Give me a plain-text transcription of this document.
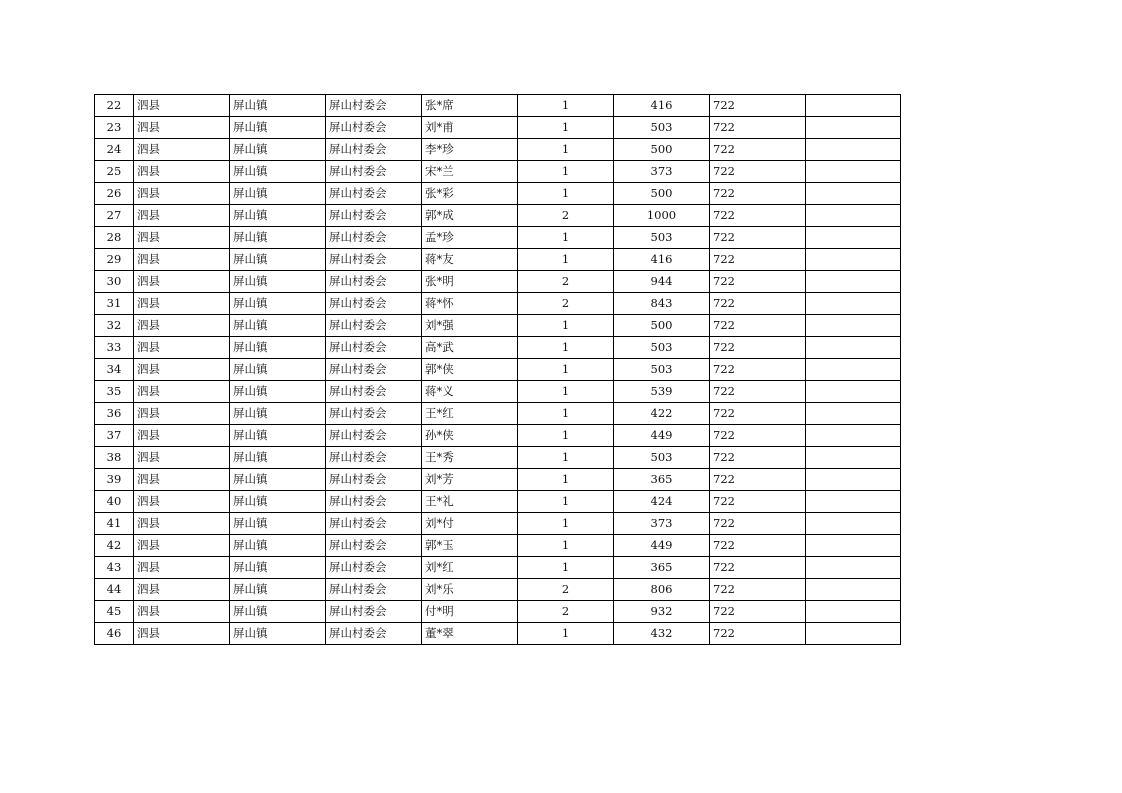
22	泗县	屏山镇	屏山村委会	张*席	1	416	722	
23	泗县	屏山镇	屏山村委会	刘*甫	1	503	722	
24	泗县	屏山镇	屏山村委会	李*珍	1	500	722	
25	泗县	屏山镇	屏山村委会	宋*兰	1	373	722	
26	泗县	屏山镇	屏山村委会	张*彩	1	500	722	
27	泗县	屏山镇	屏山村委会	郭*成	2	1000	722	
28	泗县	屏山镇	屏山村委会	孟*珍	1	503	722	
29	泗县	屏山镇	屏山村委会	蒋*友	1	416	722	
30	泗县	屏山镇	屏山村委会	张*明	2	944	722	
31	泗县	屏山镇	屏山村委会	蒋*怀	2	843	722	
32	泗县	屏山镇	屏山村委会	刘*强	1	500	722	
33	泗县	屏山镇	屏山村委会	高*武	1	503	722	
34	泗县	屏山镇	屏山村委会	郭*侠	1	503	722	
35	泗县	屏山镇	屏山村委会	蒋*义	1	539	722	
36	泗县	屏山镇	屏山村委会	王*红	1	422	722	
37	泗县	屏山镇	屏山村委会	孙*侠	1	449	722	
38	泗县	屏山镇	屏山村委会	王*秀	1	503	722	
39	泗县	屏山镇	屏山村委会	刘*芳	1	365	722	
40	泗县	屏山镇	屏山村委会	王*礼	1	424	722	
41	泗县	屏山镇	屏山村委会	刘*付	1	373	722	
42	泗县	屏山镇	屏山村委会	郭*玉	1	449	722	
43	泗县	屏山镇	屏山村委会	刘*红	1	365	722	
44	泗县	屏山镇	屏山村委会	刘*乐	2	806	722	
45	泗县	屏山镇	屏山村委会	付*明	2	932	722	
46	泗县	屏山镇	屏山村委会	董*翠	1	432	722	
